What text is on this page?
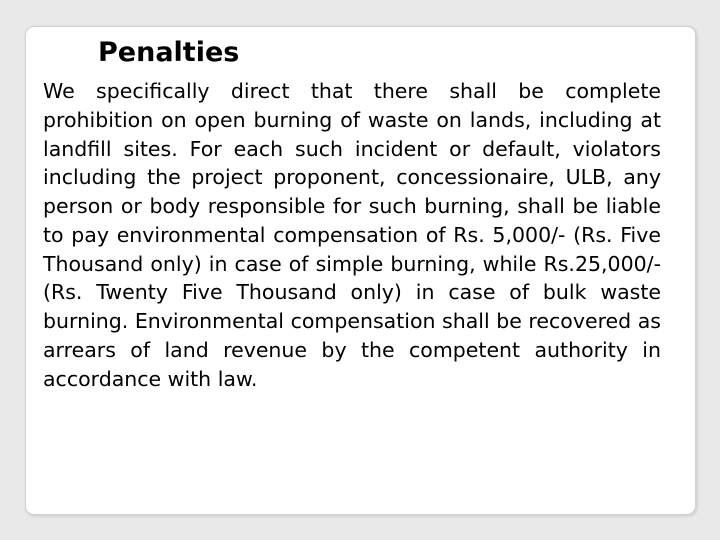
Penalties

We specifically direct that there shall be complete prohibition on open burning of waste on lands, including at landfill sites. For each such incident or default, violators including the project proponent, concessionaire, ULB, any person or body responsible for such burning, shall be liable to pay environmental compensation of Rs. 5,000/- (Rs. Five Thousand only) in case of simple burning, while Rs.25,000/- (Rs. Twenty Five Thousand only) in case of bulk waste burning. Environmental compensation shall be recovered as arrears of land revenue by the competent authority in accordance with law.
